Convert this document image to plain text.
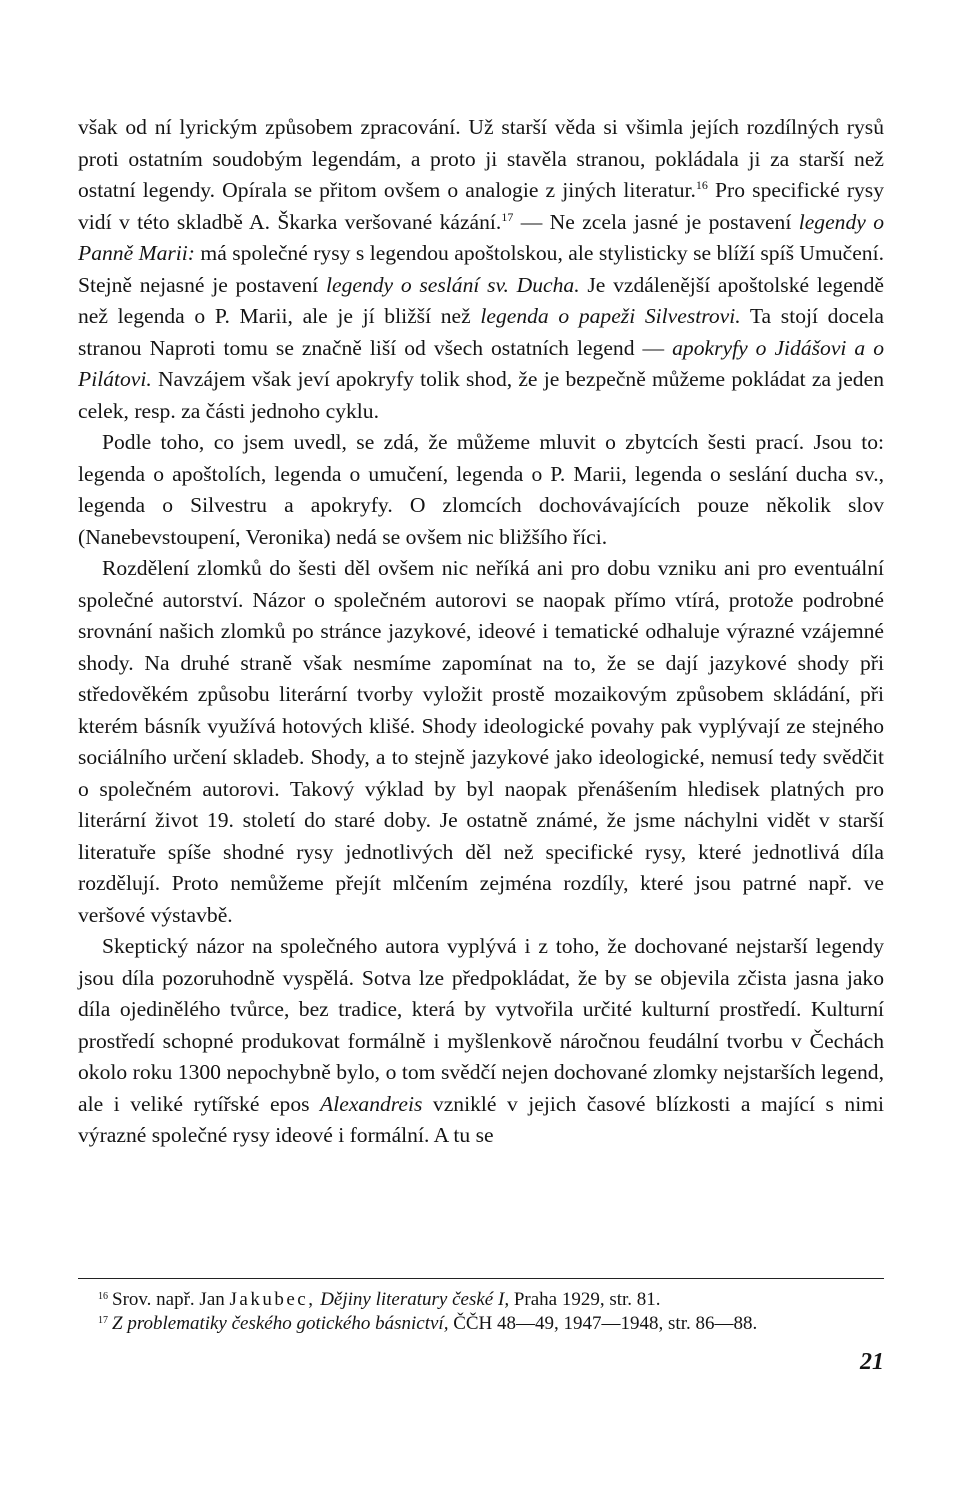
však od ní lyrickým způsobem zpracování. Už starší věda si všimla jejích rozdílných rysů proti ostatním soudobým legendám, a proto ji stavěla stranou, pokládala ji za starší než ostatní legendy. Opírala se přitom ovšem o analogie z jiných literatur.$^{16}$ Pro specifické rysy vidí v této skladbě A. Škarka veršované kázání.$^{17}$ — Ne zcela jasné je postavení legendy o Panně Marii: má společné rysy s legendou apoštolskou, ale stylisticky se blíží spíš Umučení. Stejně nejasné je postavení legendy o seslání sv. Ducha. Je vzdálenější apoštolské legendě než legenda o P. Marii, ale je jí bližší než legenda o papeži Silvestrovi. Ta stojí docela stranou Naproti tomu se značně liší od všech ostatních legend — apokryfy o Jidášovi a o Pilátovi. Navzájem však jeví apokryfy tolik shod, že je bezpečně můžeme pokládat za jeden celek, resp. za části jednoho cyklu.

Podle toho, co jsem uvedl, se zdá, že můžeme mluvit o zbytcích šesti prací. Jsou to: legenda o apoštolích, legenda o umučení, legenda o P. Marii, legenda o seslání ducha sv., legenda o Silvestru a apokryfy. O zlomcích dochovávajících pouze několik slov (Nanebevstoupení, Veronika) nedá se ovšem nic bližšího říci.

Rozdělení zlomků do šesti děl ovšem nic neříká ani pro dobu vzniku ani pro eventuální společné autorství. Názor o společném autorovi se naopak přímo vtírá, protože podrobné srovnání našich zlomků po stránce jazykové, ideové i tematické odhaluje výrazné vzájemné shody. Na druhé straně však nesmíme zapomínat na to, že se dají jazykové shody při středověkém způsobu literární tvorby vyložit prostě mozaikovým způsobem skládání, při kterém básník využívá hotových klišé. Shody ideologické povahy pak vyplývají ze stejného sociálního určení skladeb. Shody, a to stejně jazykové jako ideologické, nemusí tedy svědčit o společném autorovi. Takový výklad by byl naopak přenášením hledisek platných pro literární život 19. století do staré doby. Je ostatně známé, že jsme náchylni vidět v starší literatuře spíše shodné rysy jednotlivých děl než specifické rysy, které jednotlivá díla rozdělují. Proto nemůžeme přejít mlčením zejména rozdíly, které jsou patrné např. ve veršové výstavbě.

Skeptický názor na společného autora vyplývá i z toho, že dochované nejstarší legendy jsou díla pozoruhodně vyspělá. Sotva lze předpokládat, že by se objevila zčista jasna jako díla ojedinělého tvůrce, bez tradice, která by vytvořila určité kulturní prostředí. Kulturní prostředí schopné produkovat formálně i myšlenkově náročnou feudální tvorbu v Čechách okolo roku 1300 nepochybně bylo, o tom svědčí nejen dochované zlomky nejstarších legend, ale i veliké rytířské epos Alexandreis vzniklé v jejich časové blízkosti a mající s nimi výrazné společné rysy ideové i formální. A tu se

$^{16}$ Srov. např. Jan Jakubec, Dějiny literatury české I, Praha 1929, str. 81.
$^{17}$ Z problematiky českého gotického básnictví, ČČH 48—49, 1947—1948, str. 86—88.
21
